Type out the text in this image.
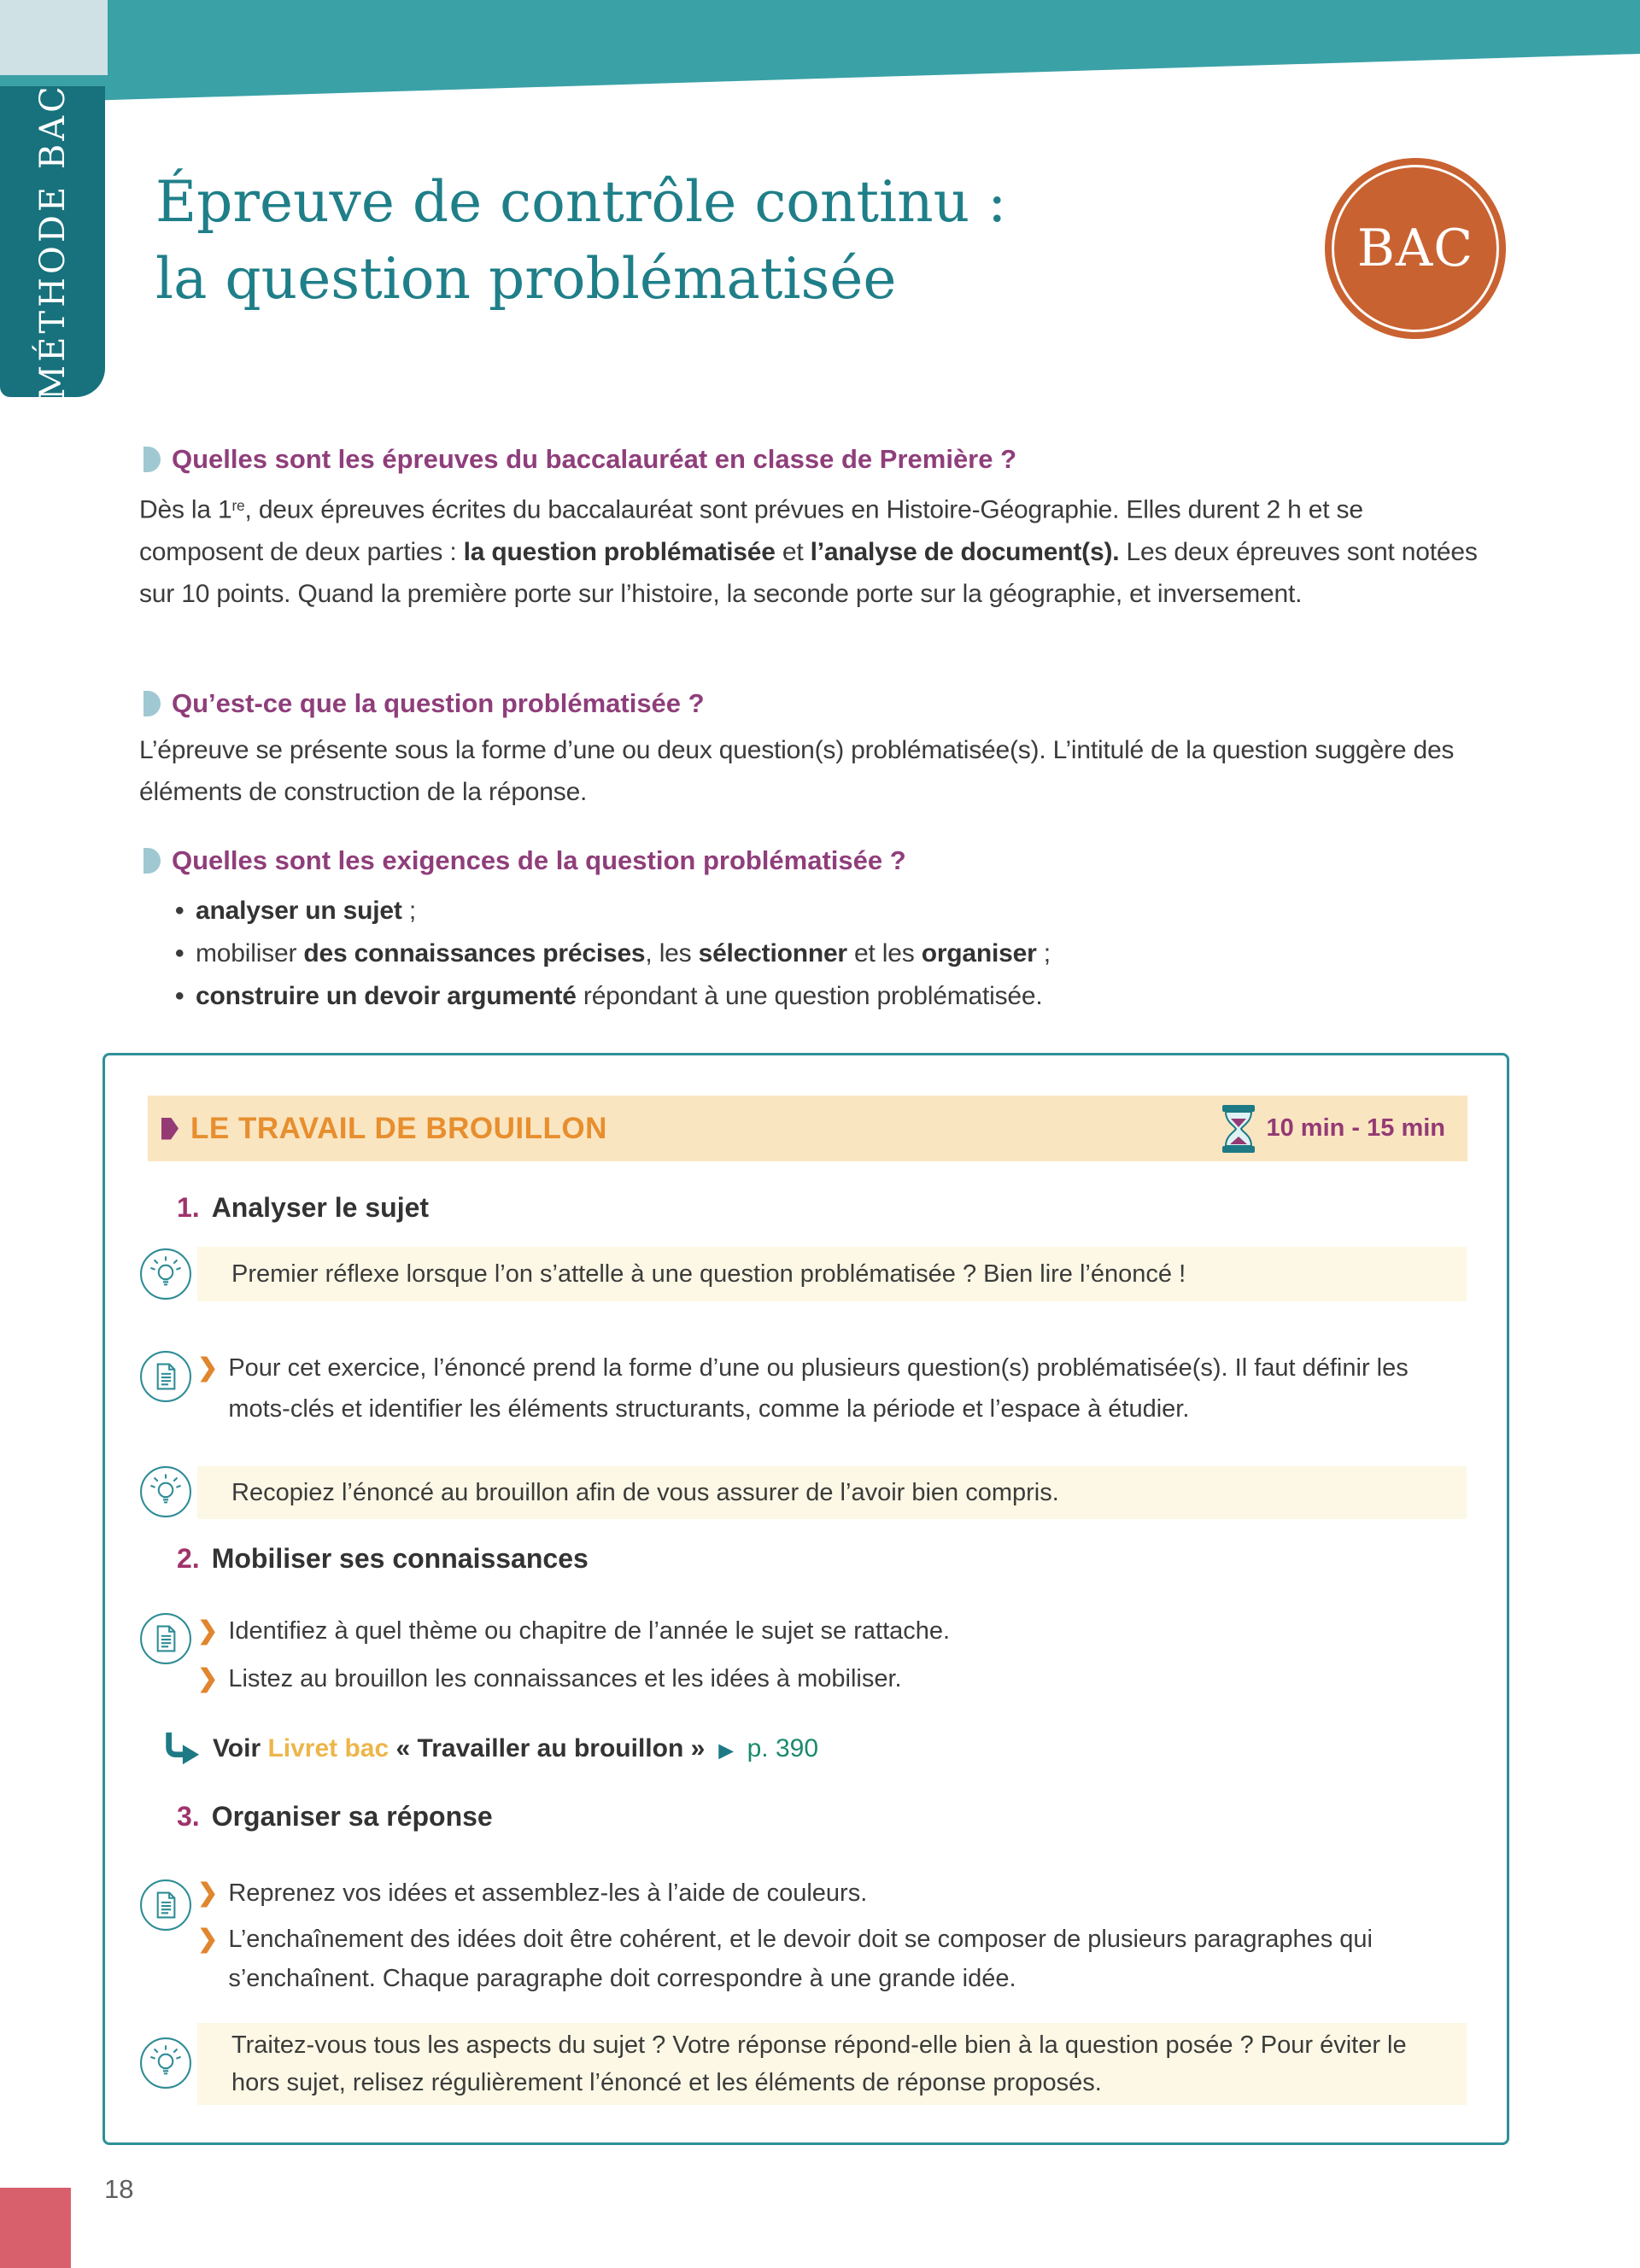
MÉTHODE BAC Épreuve de contrôle continu :
la question problématisée	BAC
Quelles sont les épreuves du baccalauréat en classe de Première ?
Dès la 1re, deux épreuves écrites du baccalauréat sont prévues en Histoire-Géographie. Elles durent 2 h et se composent de deux parties : la question problématisée et l’analyse de document(s). Les deux épreuves sont notées sur 10 points. Quand la première porte sur l’histoire, la seconde porte sur la géographie, et inversement.
Qu’est-ce que la question problématisée ?
L’épreuve se présente sous la forme d’une ou deux question(s) problématisée(s). L’intitulé de la question suggère des éléments de construction de la réponse.
Quelles sont les exigences de la question problématisée ?
• analyser un sujet ;
• mobiliser des connaissances précises, les sélectionner et les organiser ;
• construire un devoir argumenté répondant à une question problématisée.
LE TRAVAIL DE BROUILLON	10 min - 15 min
1. Analyser le sujet
Premier réflexe lorsque l’on s’attelle à une question problématisée ? Bien lire l’énoncé !
❯ Pour cet exercice, l’énoncé prend la forme d’une ou plusieurs question(s) problématisée(s). Il faut définir les mots-clés et identifier les éléments structurants, comme la période et l’espace à étudier.
Recopiez l’énoncé au brouillon afin de vous assurer de l’avoir bien compris.
2. Mobiliser ses connaissances
❯ Identifiez à quel thème ou chapitre de l’année le sujet se rattache.
❯ Listez au brouillon les connaissances et les idées à mobiliser.
Voir Livret bac « Travailler au brouillon » ▶ p. 390
3. Organiser sa réponse
❯ Reprenez vos idées et assemblez-les à l’aide de couleurs.
❯ L’enchaînement des idées doit être cohérent, et le devoir doit se composer de plusieurs paragraphes qui s’enchaînent. Chaque paragraphe doit correspondre à une grande idée.
Traitez-vous tous les aspects du sujet ? Votre réponse répond-elle bien à la question posée ? Pour éviter le hors sujet, relisez régulièrement l’énoncé et les éléments de réponse proposés.
18
